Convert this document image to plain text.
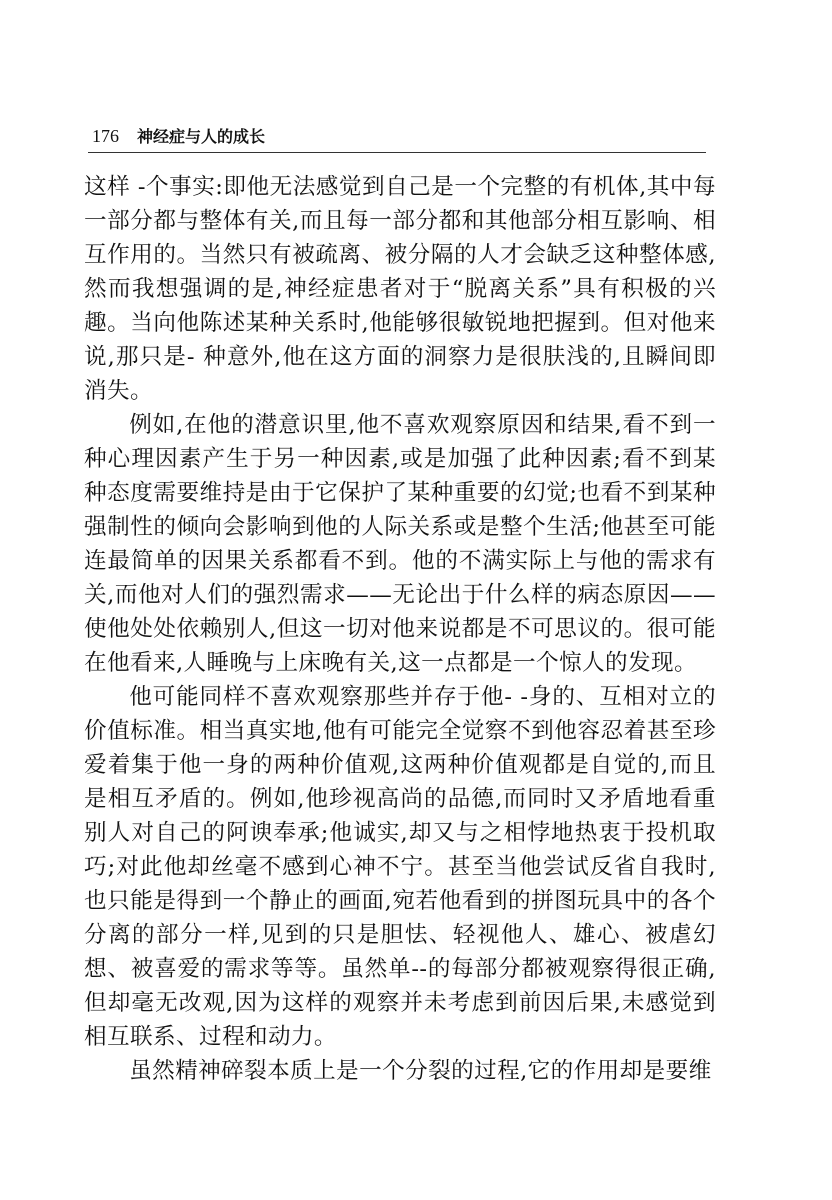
176 神经症与人的成长

这样 -个事实:即他无法感觉到自己是一个完整的有机体,其中每一部分都与整体有关,而且每一部分都和其他部分相互影响、相互作用的。当然只有被疏离、被分隔的人才会缺乏这种整体感,然而我想强调的是,神经症患者对于“脱离关系”具有积极的兴趣。当向他陈述某种关系时,他能够很敏锐地把握到。但对他来说,那只是- 种意外,他在这方面的洞察力是很肤浅的,且瞬间即消失。

例如,在他的潜意识里,他不喜欢观察原因和结果,看不到一种心理因素产生于另一种因素,或是加强了此种因素;看不到某种态度需要维持是由于它保护了某种重要的幻觉;也看不到某种强制性的倾向会影响到他的人际关系或是整个生活;他甚至可能连最简单的因果关系都看不到。他的不满实际上与他的需求有关,而他对人们的强烈需求——无论出于什么样的病态原因——使他处处依赖别人,但这一切对他来说都是不可思议的。很可能在他看来,人睡晚与上床晚有关,这一点都是一个惊人的发现。

他可能同样不喜欢观察那些并存于他- -身的、互相对立的价值标准。相当真实地,他有可能完全觉察不到他容忍着甚至珍爱着集于他一身的两种价值观,这两种价值观都是自觉的,而且是相互矛盾的。例如,他珍视高尚的品德,而同时又矛盾地看重别人对自己的阿谀奉承;他诚实,却又与之相悖地热衷于投机取巧;对此他却丝毫不感到心神不宁。甚至当他尝试反省自我时,也只能是得到一个静止的画面,宛若他看到的拼图玩具中的各个分离的部分一样,见到的只是胆怯、轻视他人、雄心、被虐幻想、被喜爱的需求等等。虽然单--的每部分都被观察得很正确,但却毫无改观,因为这样的观察并未考虑到前因后果,未感觉到相互联系、过程和动力。

虽然精神碎裂本质上是一个分裂的过程,它的作用却是要维
